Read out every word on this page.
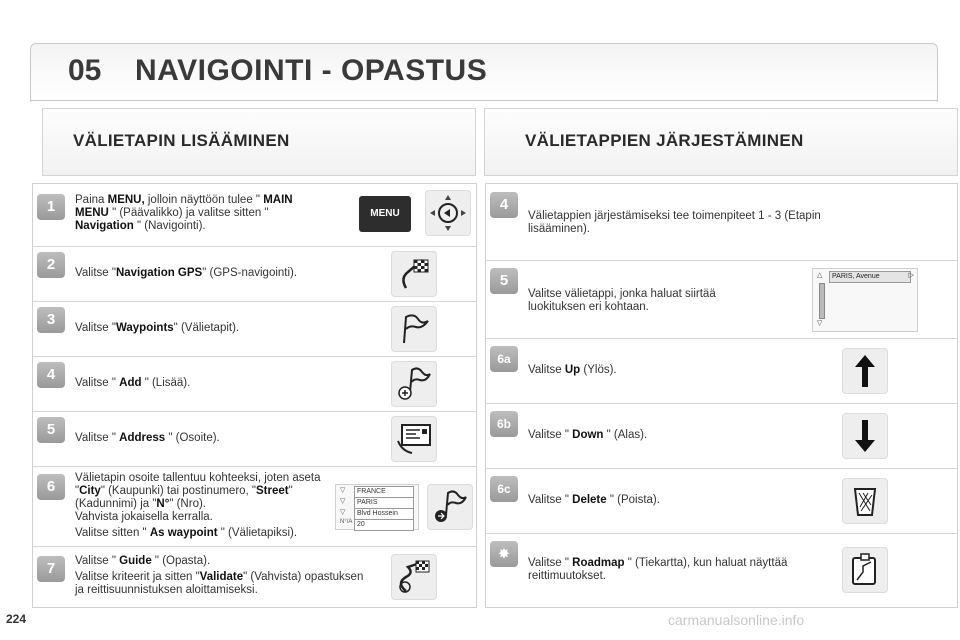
05 NAVIGOINTI - OPASTUS
VÄLIETAPIN LISÄÄMINEN	VÄLIETAPPIEN JÄRJESTÄMINEN
1	Paina MENU, jolloin näyttöön tulee " MAIN MENU " (Päävalikko) ja valitse sitten " Navigation " (Navigointi).
MENU
2	Valitse "Navigation GPS" (GPS-navigointi).
3	Valitse "Waypoints" (Välietapit).
4	Valitse " Add " (Lisää).
5	Valitse " Address " (Osoite).
6	Välietapin osoite tallentuu kohteeksi, joten aseta "City" (Kaupunki) tai postinumero, "Street" (Kadunnimi) ja "N°" (Nro).
Vahvista jokaisella kerralla.
Valitse sitten " As waypoint " (Välietapiksi).
▽	FRANCE
▽	PARIS
▽	Blvd Hossein
N°/A 20
7	Valitse " Guide " (Opasta).
Valitse kriteerit ja sitten "Validate" (Vahvista) opastuksen ja reittisuunnistuksen aloittamiseksi.
4
Välietappien järjestämiseksi tee toimenpiteet 1 - 3 (Etapin lisääminen).
5
Valitse välietappi, jonka haluat siirtää luokituksen eri kohtaan.
△
▽
PARIS, Avenue	▷
6a
Valitse Up (Ylös).
6b
Valitse " Down " (Alas).
6c
Valitse " Delete " (Poista).
✸
Valitse " Roadmap " (Tiekartta), kun haluat näyttää reittimuutokset.
224	carmanualsonline.info
